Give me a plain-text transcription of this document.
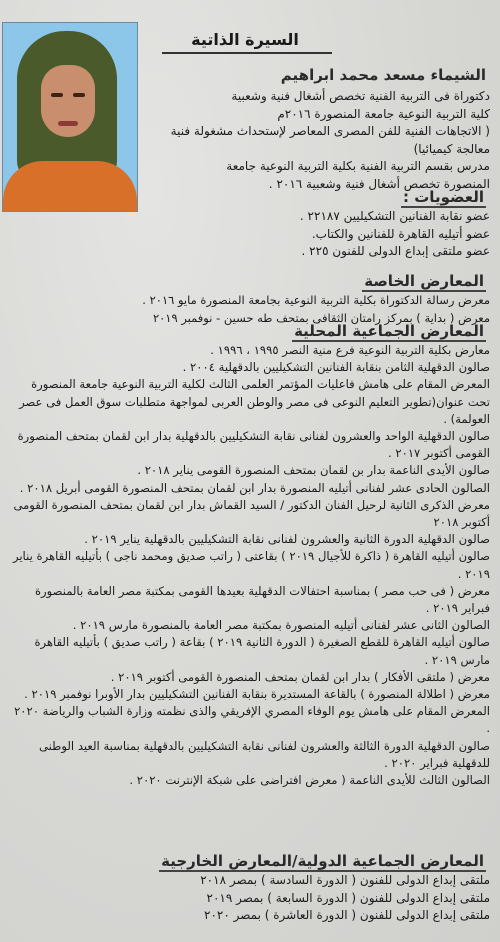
السيرة الذاتية
الشيماء مسعد محمد ابراهيم

دكتوراة فى التربية الفنية تخصص أشغال فنية وشعبية

كلية التربية النوعية جامعة المنصورة ٢٠١٦م

( الاتجاهات الفنية للفن المصرى المعاصر لإستحداث مشغولة فنية

معالجة كيميائيا)

مدرس بقسم التربية الفنية بكلية التربية النوعية جامعة

المنصورة تخصص أشغال فنية وشعبية ٢٠١٦ .

العضويات :

عضو نقابة الفنانين التشكيليين ٢٢١٨٧ .

عضو أتيليه القاهرة للفنانين والكتاب.

عضو ملتقى إبداع الدولى للفنون ٢٢٥ .

المعارض الخاصة

معرض رسالة الدكتوراة بكلية التربية النوعية بجامعة المنصورة مايو ٢٠١٦ .

معرض ( بداية ) بمركز رامتان الثقافى بمتحف طه حسين - نوفمبر ٢٠١٩

المعارض الجماعية المحلية

معارض بكلية التربية النوعية فرع منية النصر ١٩٩٥ ، ١٩٩٦ .

صالون الدقهلية الثامن بنقابة الفنانين التشكيليين بالدقهلية ٢٠٠٤ .

المعرض المقام على هامش فاعليات المؤتمر العلمى الثالث لكلية التربية النوعية جامعة المنصورة تحت عنوان(تطوير التعليم النوعى فى مصر والوطن العربى لمواجهة متطلبات سوق العمل فى عصر العولمة) .

صالون الدقهلية الواحد والعشرون لفنانى نقابة التشكيليين بالدقهلية بدار ابن لقمان بمتحف المنصورة القومى أكتوبر ٢٠١٧ .

صالون الأيدى الناعمة بدار بن لقمان بمتحف المنصورة القومى يناير ٢٠١٨ .

الصالون الحادى عشر لفنانى أتيليه المنصورة بدار ابن لقمان بمتحف المنصورة القومى أبريل ٢٠١٨ .

معرض الذكرى الثانية لرحيل الفنان الدكتور / السيد القماش بدار ابن لقمان بمتحف المنصورة القومى أكتوبر ٢٠١٨

صالون الدقهلية الدورة الثانية والعشرون لفنانى نقابة التشكيليين بالدقهلية يناير ٢٠١٩ .

صالون أتيليه القاهرة ( ذاكرة للأجيال ٢٠١٩ ) بقاعتى ( راتب صديق ومحمد ناجى ) بأتيليه القاهرة يناير ٢٠١٩ .

معرض ( فى حب مصر ) بمناسبة احتفالات الدقهلية بعيدها القومى بمكتبة مصر العامة بالمنصورة فبراير ٢٠١٩ .

الصالون الثانى عشر لفنانى أتيليه المنصورة بمكتبة مصر العامة بالمنصورة مارس ٢٠١٩ .

صالون أتيليه القاهرة للقطع الصغيرة ( الدورة الثانية ٢٠١٩ ) بقاعة ( راتب صديق ) بأتيليه القاهرة مارس ٢٠١٩ .

معرض ( ملتقى الأفكار ) بدار ابن لقمان بمتحف المنصورة القومى أكتوبر ٢٠١٩ .

معرض ( اطلالة المنصورة ) بالقاعة المستديرة بنقابة الفنانين التشكيليين بدار الأوبرا نوفمبر ٢٠١٩ .

المعرض المقام على هامش يوم الوفاء المصري الإفريقي والذى نظمته وزارة الشباب والرياضة ٢٠٢٠ .

صالون الدقهلية الدورة الثالثة والعشرون لفنانى نقابة التشكيليين بالدقهلية بمناسبة العيد الوطنى للدقهلية فبراير ٢٠٢٠ .

الصالون الثالث للأيدى الناعمة ( معرض افتراضى على شبكة الإنترنت ٢٠٢٠ .

المعارض الجماعية الدولية/المعارض الخارجية

ملتقى إبداع الدولى للفنون ( الدورة السادسة ) بمصر ٢٠١٨

ملتقى إبداع الدولى للفنون ( الدورة السابعة ) بمصر ٢٠١٩

ملتقى إبداع الدولى للفنون ( الدورة العاشرة ) بمصر ٢٠٢٠
